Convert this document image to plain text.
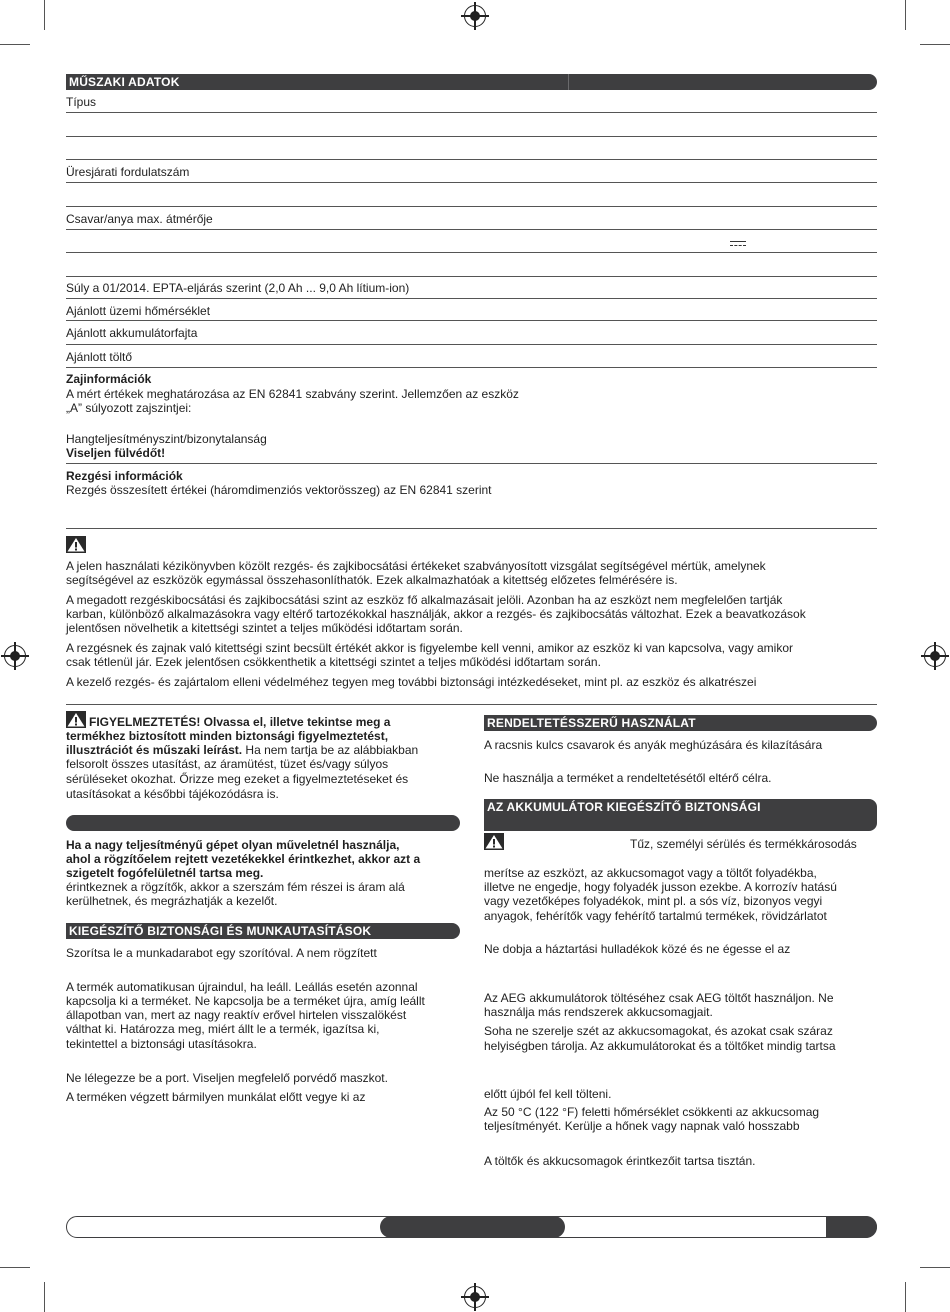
MŰSZAKI ADATOK
Típus
Üresjárati fordulatszám
Csavar/anya max. átmérője
Súly a 01/2014. EPTA-eljárás szerint (2,0 Ah ... 9,0 Ah lítium-ion)
Ajánlott üzemi hőmérséklet
Ajánlott akkumulátorfajta
Ajánlott töltő
Zajinformációk
A mért értékek meghatározása az EN 62841 szabvány szerint. Jellemzően az eszköz
„A” súlyozott zajszintjei:
Hangteljesítményszint/bizonytalanság
Viseljen fülvédőt!
Rezgési információk
Rezgés összesített értékei (háromdimenziós vektorösszeg) az EN 62841 szerint
A jelen használati kézikönyvben közölt rezgés- és zajkibocsátási értékeket szabványosított vizsgálat segítségével mértük, amelynek
segítségével az eszközök egymással összehasonlíthatók. Ezek alkalmazhatóak a kitettség előzetes felmérésére is.
A megadott rezgéskibocsátási és zajkibocsátási szint az eszköz fő alkalmazásait jelöli. Azonban ha az eszközt nem megfelelően tartják
karban, különböző alkalmazásokra vagy eltérő tartozékokkal használják, akkor a rezgés- és zajkibocsátás változhat. Ezek a beavatkozások
jelentősen növelhetik a kitettségi szintet a teljes működési időtartam során.
A rezgésnek és zajnak való kitettségi szint becsült értékét akkor is figyelembe kell venni, amikor az eszköz ki van kapcsolva, vagy amikor
csak tétlenül jár. Ezek jelentősen csökkenthetik a kitettségi szintet a teljes működési időtartam során.
A kezelő rezgés- és zajártalom elleni védelméhez tegyen meg további biztonsági intézkedéseket, mint pl. az eszköz és alkatrészei
FIGYELMEZTETÉS! Olvassa el, illetve tekintse meg a
termékhez biztosított minden biztonsági figyelmeztetést,
illusztrációt és műszaki leírást. Ha nem tartja be az alábbiakban
felsorolt összes utasítást, az áramütést, tüzet és/vagy súlyos
sérüléseket okozhat. Őrizze meg ezeket a figyelmeztetéseket és
utasításokat a későbbi tájékozódásra is.
Ha a nagy teljesítményű gépet olyan műveletnél használja,
ahol a rögzítőelem rejtett vezetékekkel érintkezhet, akkor azt a
szigetelt fogófelületnél tartsa meg.
érintkeznek a rögzítők, akkor a szerszám fém részei is áram alá
kerülhetnek, és megrázhatják a kezelőt.
KIEGÉSZÍTŐ BIZTONSÁGI ÉS MUNKAUTASÍTÁSOK
Szorítsa le a munkadarabot egy szorítóval. A nem rögzített
A termék automatikusan újraindul, ha leáll. Leállás esetén azonnal
kapcsolja ki a terméket. Ne kapcsolja be a terméket újra, amíg leállt
állapotban van, mert az nagy reaktív erővel hirtelen visszalökést
válthat ki. Határozza meg, miért állt le a termék, igazítsa ki,
tekintettel a biztonsági utasításokra.
Ne lélegezze be a port. Viseljen megfelelő porvédő maszkot.
A terméken végzett bármilyen munkálat előtt vegye ki az
RENDELTETÉSSZERŰ HASZNÁLAT
A racsnis kulcs csavarok és anyák meghúzására és kilazítására
Ne használja a terméket a rendeltetésétől eltérő célra.
AZ AKKUMULÁTOR KIEGÉSZÍTŐ BIZTONSÁGI
Tűz, személyi sérülés és termékkárosodás
merítse az eszközt, az akkucsomagot vagy a töltőt folyadékba,
illetve ne engedje, hogy folyadék jusson ezekbe. A korrozív hatású
vagy vezetőképes folyadékok, mint pl. a sós víz, bizonyos vegyi
anyagok, fehérítők vagy fehérítő tartalmú termékek, rövidzárlatot
Ne dobja a háztartási hulladékok közé és ne égesse el az
Az AEG akkumulátorok töltéséhez csak AEG töltőt használjon. Ne
használja más rendszerek akkucsomagjait.
Soha ne szerelje szét az akkucsomagokat, és azokat csak száraz
helyiségben tárolja. Az akkumulátorokat és a töltőket mindig tartsa
előtt újból fel kell tölteni.
Az 50 °C (122 °F) feletti hőmérséklet csökkenti az akkucsomag
teljesítményét. Kerülje a hőnek vagy napnak való hosszabb
A töltők és akkucsomagok érintkezőit tartsa tisztán.
